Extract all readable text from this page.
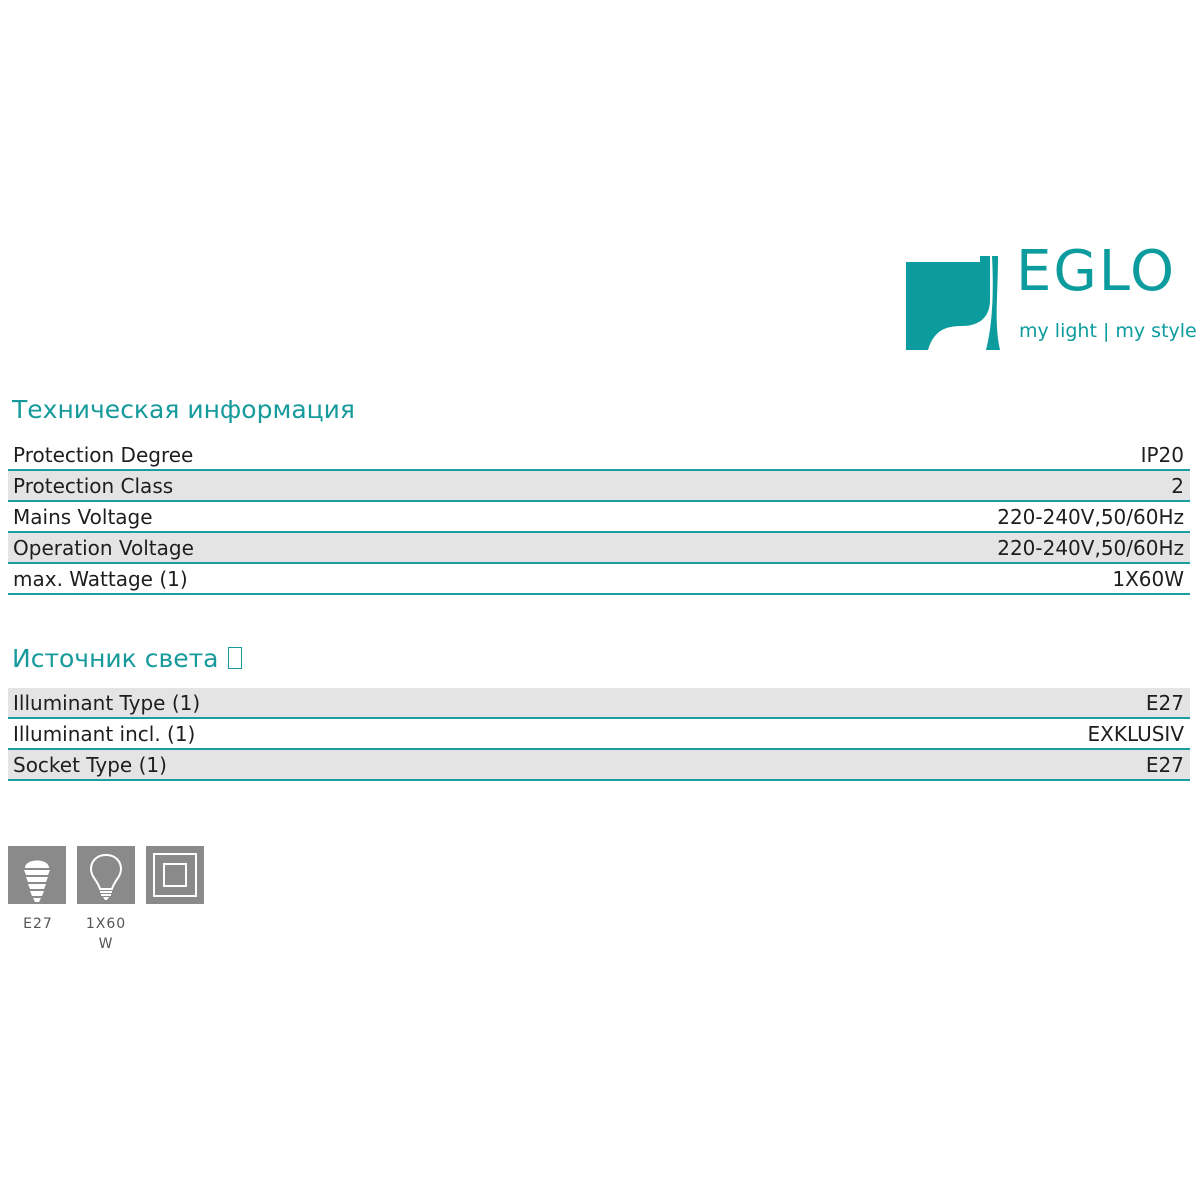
EGLO
my light | my style
Техническая информация
Protection Degree	IP20
Protection Class	2
Mains Voltage	220-240V,50/60Hz
Operation Voltage	220-240V,50/60Hz
max. Wattage (1)	1X60W
Источник света
Illuminant Type (1)	E27
Illuminant incl. (1)	EXKLUSIV
Socket Type (1)	E27
E27	1X60
W
